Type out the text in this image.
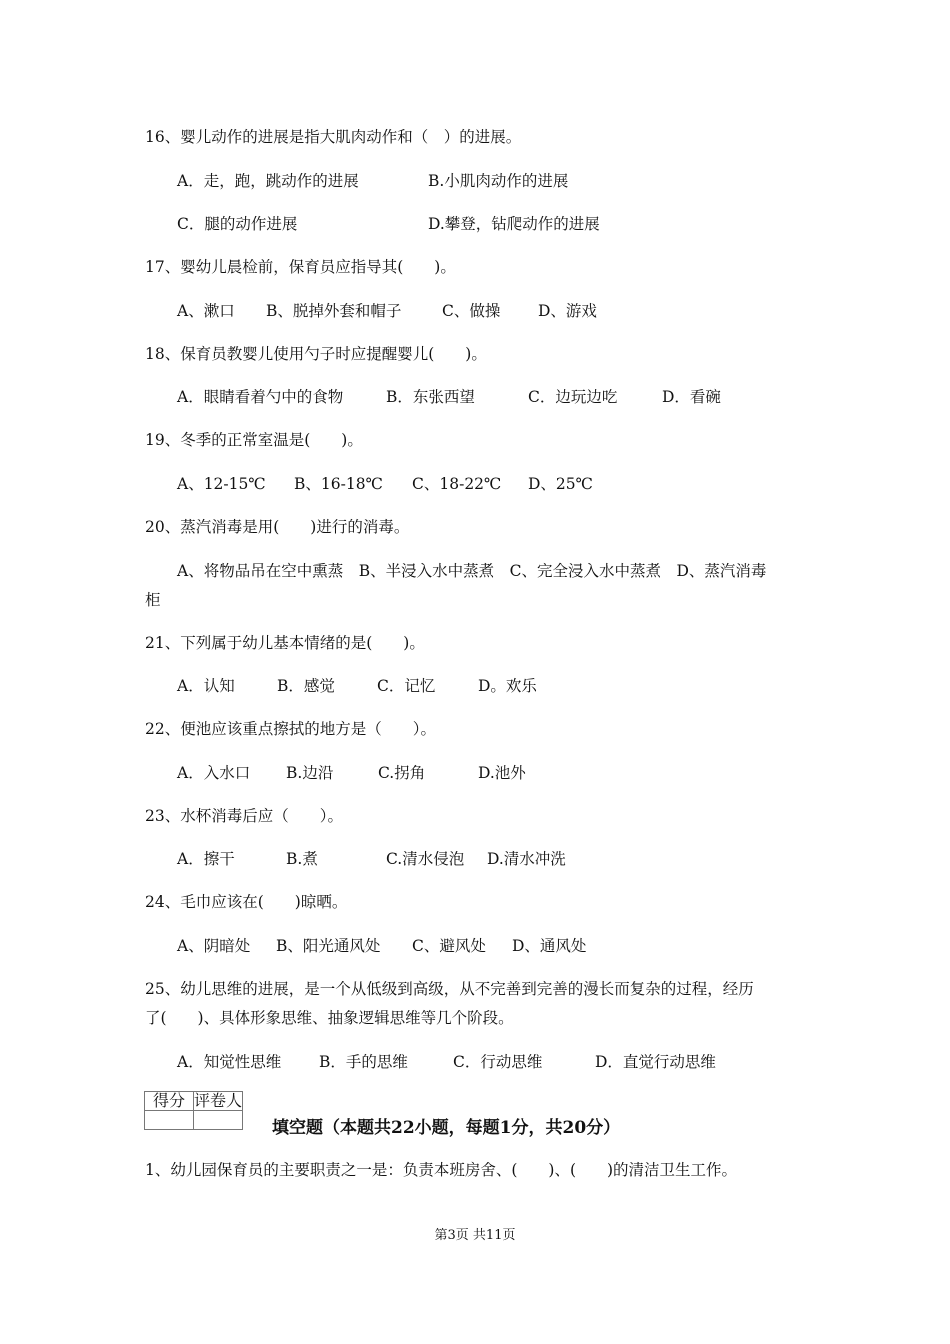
16、婴儿动作的进展是指大肌肉动作和（　）的进展。
A．走，跑，跳动作的进展	B.小肌肉动作的进展
C．腿的动作进展	D.攀登，钻爬动作的进展
17、婴幼儿晨检前，保育员应指导其(　　)。
A、漱口 B、脱掉外套和帽子	C、做操 D、游戏
18、保育员教婴儿使用勺子时应提醒婴儿(　　)。
A．眼睛看着勺中的食物	B．东张西望	C．边玩边吃	D．看碗
19、冬季的正常室温是(　　)。
A、12-15℃ B、16-18℃ C、18-22℃ D、25℃
20、蒸汽消毒是用(　　)进行的消毒。
A、将物品吊在空中熏蒸　B、半浸入水中蒸煮　C、完全浸入水中蒸煮　D、蒸汽消毒
柜
21、下列属于幼儿基本情绪的是(　　)。
A．认知	B．感觉	C．记忆	D。欢乐
22、便池应该重点擦拭的地方是（　　）。
A．入水口 B.边沿	C.拐角	D.池外
23、水杯消毒后应（　　）。
A．擦干	B.煮	C.清水侵泡 D.清水冲洗
24、毛巾应该在(　　)晾晒。
A、阴暗处 B、阳光通风处 C、避风处 D、通风处
25、幼儿思维的进展，是一个从低级到高级，从不完善到完善的漫长而复杂的过程，经历
了(　　)、具体形象思维、抽象逻辑思维等几个阶段。
A．知觉性思维 B．手的思维	C．行动思维	D．直觉行动思维
得分	评卷人

填空题（本题共22小题，每题1分，共20分）
1、幼儿园保育员的主要职责之一是：负责本班房舍、(　　)、(　　)的清洁卫生工作。
第3页 共11页
